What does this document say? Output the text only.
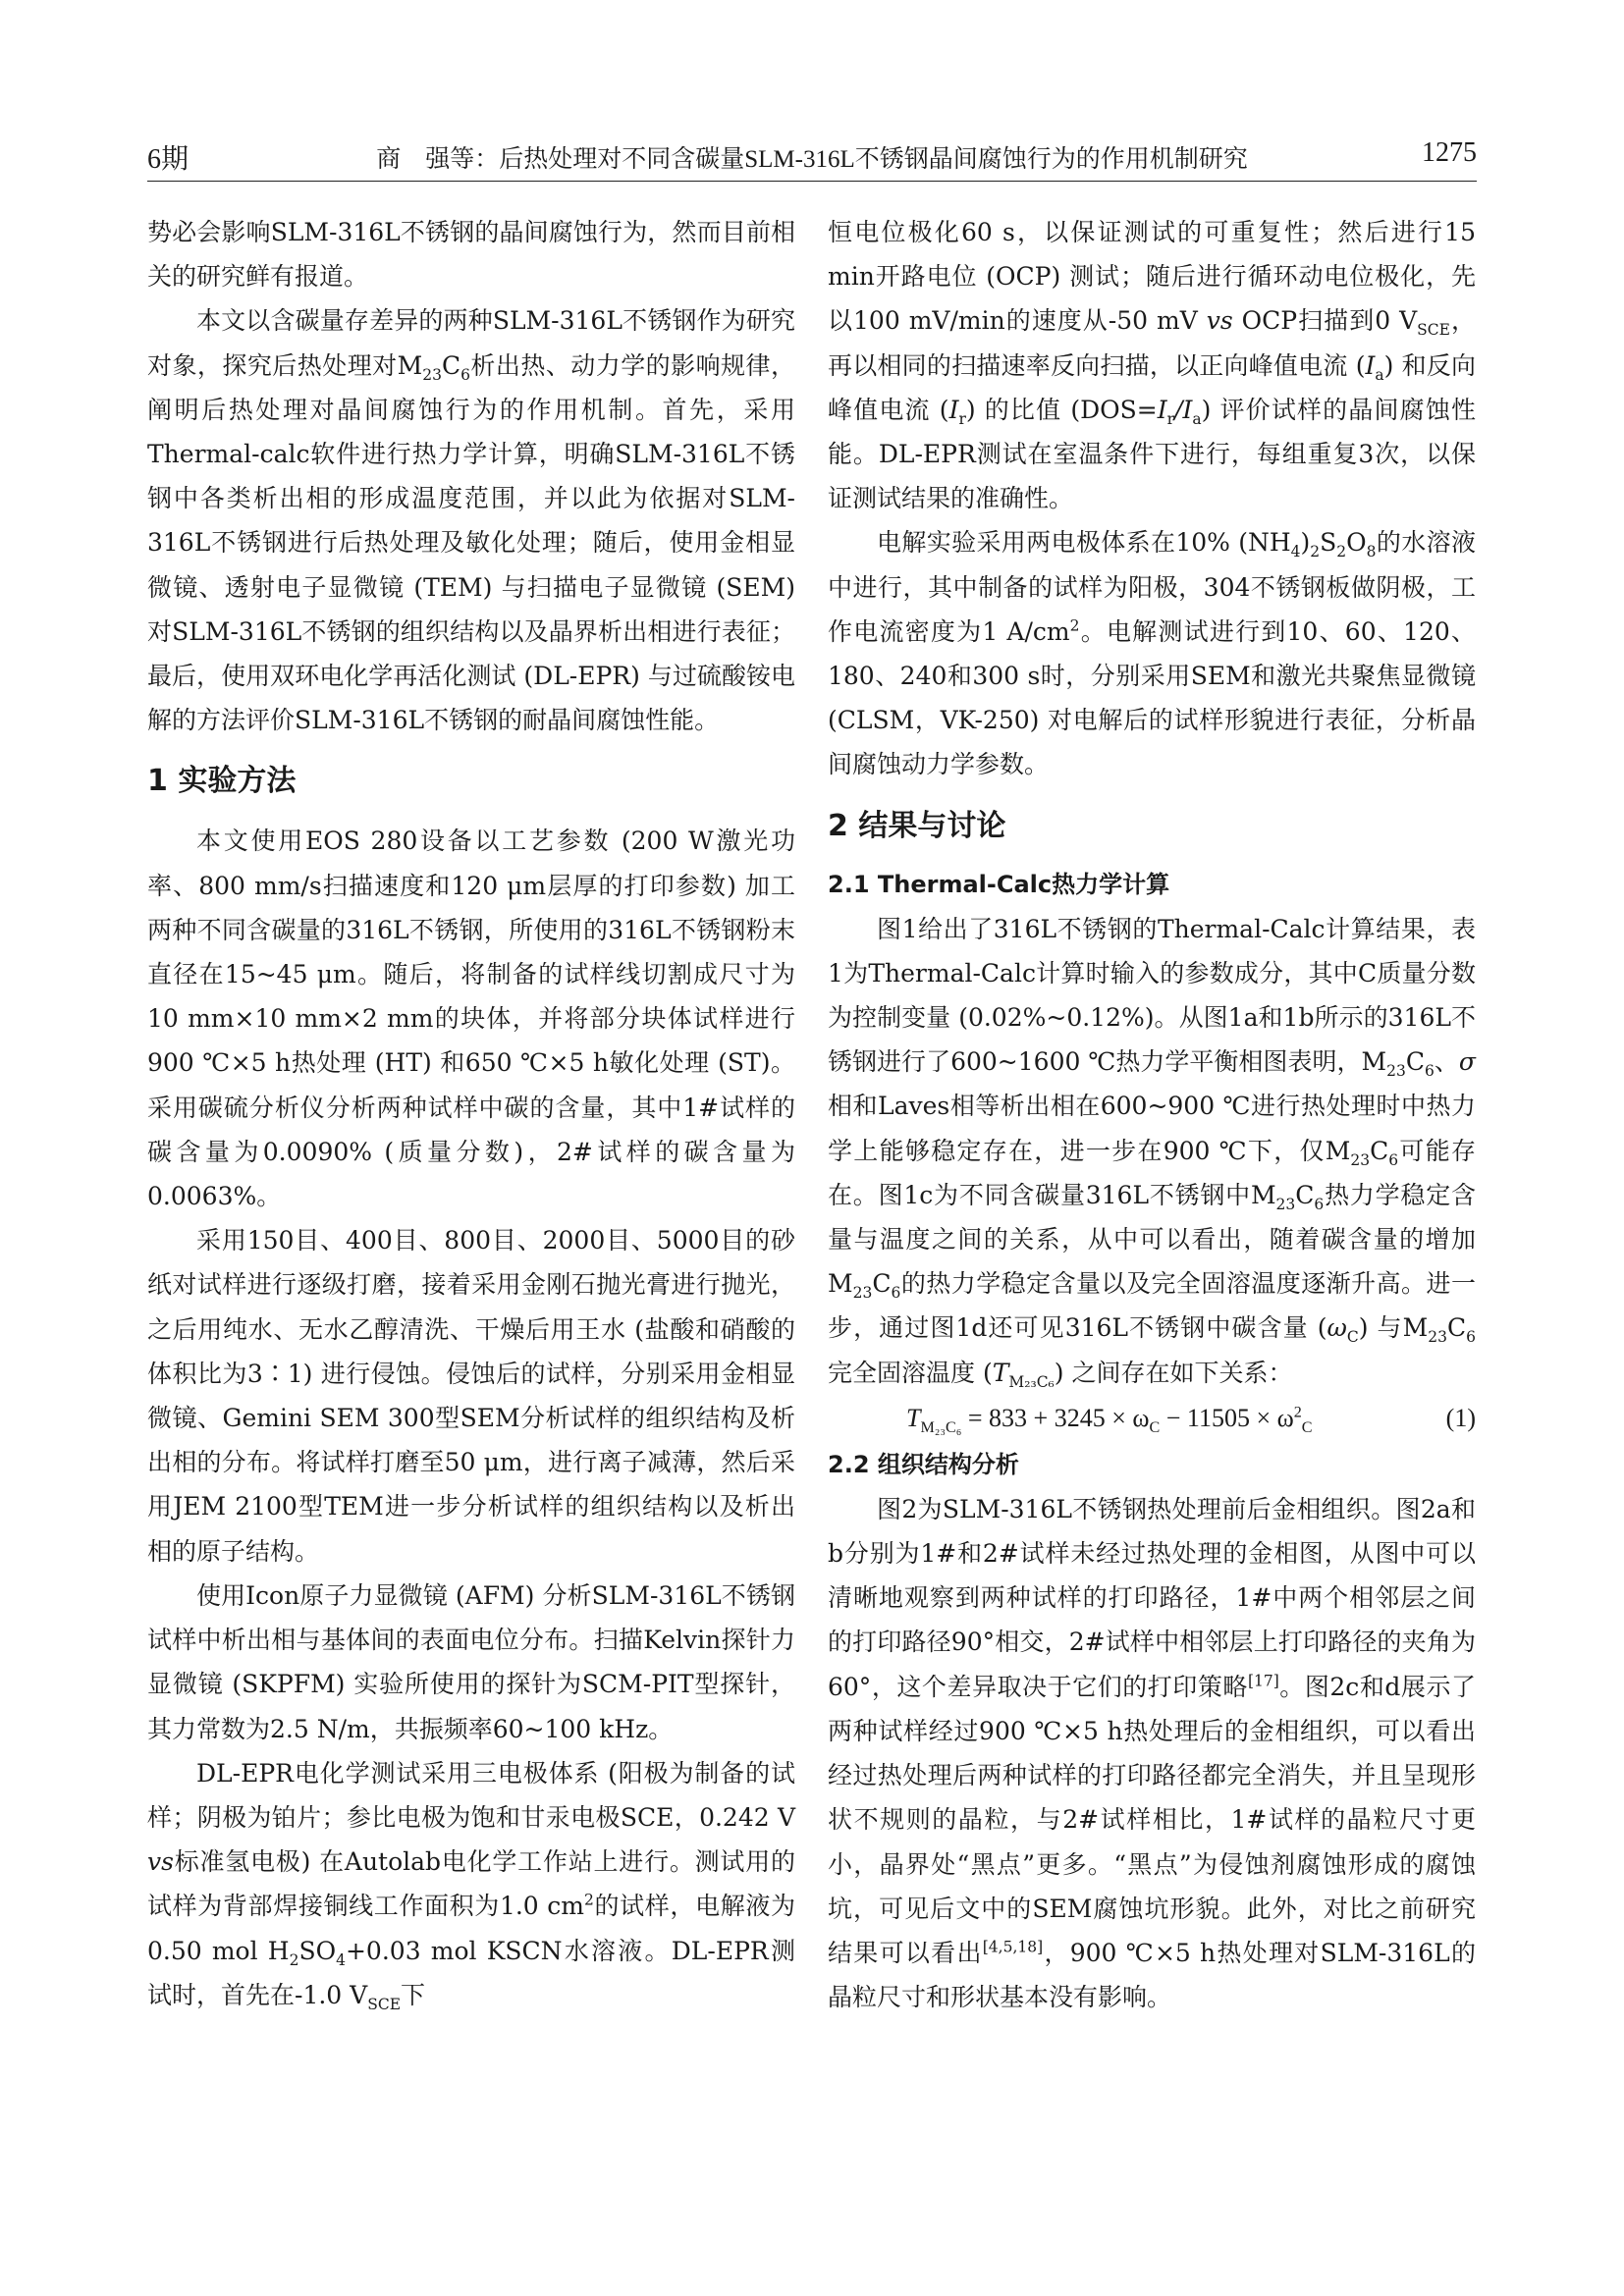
6期	商　强等：后热处理对不同含碳量SLM-316L不锈钢晶间腐蚀行为的作用机制研究	1275

势必会影响SLM-316L不锈钢的晶间腐蚀行为，然而目前相关的研究鲜有报道。

本文以含碳量存差异的两种SLM-316L不锈钢作为研究对象，探究后热处理对$M_{23}C_6$析出热、动力学的影响规律，阐明后热处理对晶间腐蚀行为的作用机制。首先，采用Thermal-calc软件进行热力学计算，明确SLM-316L不锈钢中各类析出相的形成温度范围，并以此为依据对SLM-316L不锈钢进行后热处理及敏化处理；随后，使用金相显微镜、透射电子显微镜 (TEM) 与扫描电子显微镜 (SEM) 对SLM-316L不锈钢的组织结构以及晶界析出相进行表征；最后，使用双环电化学再活化测试 (DL-EPR) 与过硫酸铵电解的方法评价SLM-316L不锈钢的耐晶间腐蚀性能。

1 实验方法

本文使用EOS 280设备以工艺参数 (200 W激光功率、800 mm/s扫描速度和120 μm层厚的打印参数) 加工两种不同含碳量的316L不锈钢，所使用的316L不锈钢粉末直径在15~45 μm。随后，将制备的试样线切割成尺寸为10 mm×10 mm×2 mm的块体，并将部分块体试样进行900 ℃×5 h热处理 (HT) 和650 ℃×5 h敏化处理 (ST)。采用碳硫分析仪分析两种试样中碳的含量，其中1#试样的碳含量为0.0090% (质量分数)，2#试样的碳含量为0.0063%。

采用150目、400目、800目、2000目、5000目的砂纸对试样进行逐级打磨，接着采用金刚石抛光膏进行抛光，之后用纯水、无水乙醇清洗、干燥后用王水 (盐酸和硝酸的体积比为3∶1) 进行侵蚀。侵蚀后的试样，分别采用金相显微镜、Gemini SEM 300型SEM分析试样的组织结构及析出相的分布。将试样打磨至50 μm，进行离子减薄，然后采用JEM 2100型TEM进一步分析试样的组织结构以及析出相的原子结构。

使用Icon原子力显微镜 (AFM) 分析SLM-316L不锈钢试样中析出相与基体间的表面电位分布。扫描Kelvin探针力显微镜 (SKPFM) 实验所使用的探针为SCM-PIT型探针，其力常数为2.5 N/m，共振频率60~100 kHz。

DL-EPR电化学测试采用三电极体系 (阳极为制备的试样；阴极为铂片；参比电极为饱和甘汞电极SCE，0.242 V vs标准氢电极) 在Autolab电化学工作站上进行。测试用的试样为背部焊接铜线工作面积为1.0 $cm^2$的试样，电解液为0.50 mol $H_2SO_4+0.03$ mol KSCN水溶液。DL-EPR测试时，首先在-1.0 $V_{SCE}$下

恒电位极化60 s，以保证测试的可重复性；然后进行15 min开路电位 (OCP) 测试；随后进行循环动电位极化，先以100 mV/min的速度从-50 mV vs OCP扫描到0 $V_{SCE}$，再以相同的扫描速率反向扫描，以正向峰值电流 $(I_a)$ 和反向峰值电流 $(I_r)$ 的比值 $(DOS=I_r/I_a)$ 评价试样的晶间腐蚀性能。DL-EPR测试在室温条件下进行，每组重复3次，以保证测试结果的准确性。

电解实验采用两电极体系在10% $(NH_4)_2S_2O_8$的水溶液中进行，其中制备的试样为阳极，304不锈钢板做阴极，工作电流密度为1 $A/cm^2$。电解测试进行到10、60、120、180、240和300 s时，分别采用SEM和激光共聚焦显微镜 (CLSM，VK-250) 对电解后的试样形貌进行表征，分析晶间腐蚀动力学参数。

2 结果与讨论
2.1 Thermal-Calc热力学计算

图1给出了316L不锈钢的Thermal-Calc计算结果，表1为Thermal-Calc计算时输入的参数成分，其中C质量分数为控制变量 (0.02%~0.12%)。从图1a和1b所示的316L不锈钢进行了600~1600 ℃热力学平衡相图表明，$M_{23}C_6$、σ相和Laves相等析出相在600~900 ℃进行热处理时中热力学上能够稳定存在，进一步在900 ℃下，仅$M_{23}C_6$可能存在。图1c为不同含碳量316L不锈钢中$M_{23}C_6$热力学稳定含量与温度之间的关系，从中可以看出，随着碳含量的增加$M_{23}C_6$的热力学稳定含量以及完全固溶温度逐渐升高。进一步，通过图1d还可见316L不锈钢中碳含量 $(\omega_C)$ 与$M_{23}C_6$完全固溶温度 $(T_{M_{23}C_6})$ 之间存在如下关系：

$T_{M_{23}C_6} = 833 + 3245 \times \omega_C - 11505 \times \omega^2_C$	(1)
2.2 组织结构分析

图2为SLM-316L不锈钢热处理前后金相组织。图2a和b分别为1#和2#试样未经过热处理的金相图，从图中可以清晰地观察到两种试样的打印路径，1#中两个相邻层之间的打印路径90°相交，2#试样中相邻层上打印路径的夹角为60°，这个差异取决于它们的打印策略[17]。图2c和d展示了两种试样经过900 ℃×5 h热处理后的金相组织，可以看出经过热处理后两种试样的打印路径都完全消失，并且呈现形状不规则的晶粒，与2#试样相比，1#试样的晶粒尺寸更小，晶界处“黑点”更多。“黑点”为侵蚀剂腐蚀形成的腐蚀坑，可见后文中的SEM腐蚀坑形貌。此外，对比之前研究结果可以看出[4,5,18]，900 ℃×5 h热处理对SLM-316L的晶粒尺寸和形状基本没有影响。
